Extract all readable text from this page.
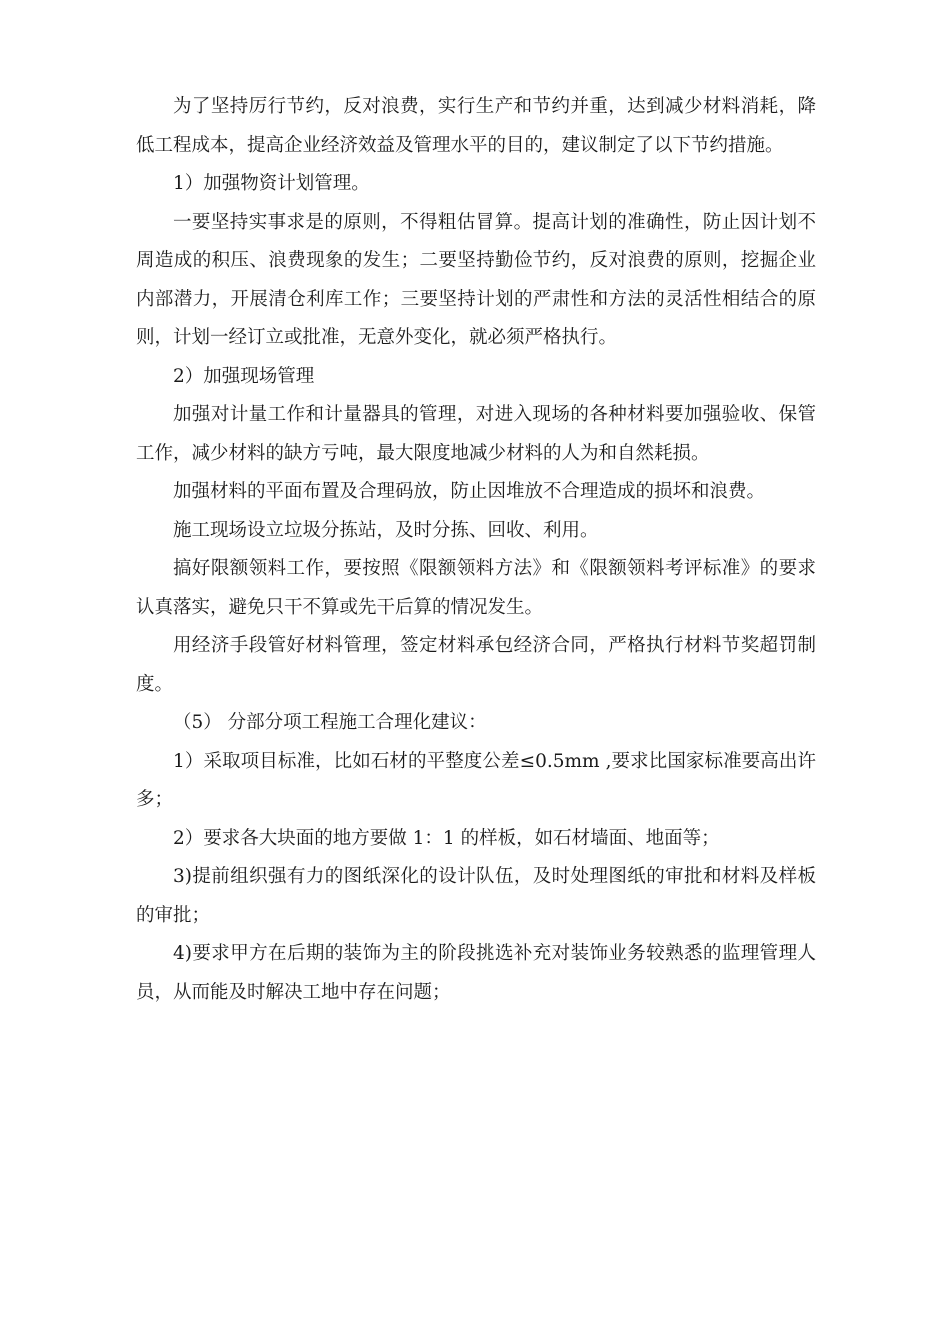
为了坚持厉行节约，反对浪费，实行生产和节约并重，达到减少材料消耗，降低工程成本，提高企业经济效益及管理水平的目的，建议制定了以下节约措施。

1）加强物资计划管理。

一要坚持实事求是的原则，不得粗估冒算。提高计划的准确性，防止因计划不周造成的积压、浪费现象的发生；二要坚持勤俭节约，反对浪费的原则，挖掘企业内部潜力，开展清仓利库工作；三要坚持计划的严肃性和方法的灵活性相结合的原则，计划一经订立或批准，无意外变化，就必须严格执行。

2）加强现场管理

加强对计量工作和计量器具的管理，对进入现场的各种材料要加强验收、保管工作，减少材料的缺方亏吨，最大限度地减少材料的人为和自然耗损。

加强材料的平面布置及合理码放，防止因堆放不合理造成的损坏和浪费。

施工现场设立垃圾分拣站，及时分拣、回收、利用。

搞好限额领料工作，要按照《限额领料方法》和《限额领料考评标准》的要求认真落实，避免只干不算或先干后算的情况发生。

用经济手段管好材料管理，签定材料承包经济合同，严格执行材料节奖超罚制度。

（5） 分部分项工程施工合理化建议：

1）采取项目标准，比如石材的平整度公差≤0.5mm ,要求比国家标准要高出许多；

2）要求各大块面的地方要做 1：1 的样板，如石材墙面、地面等；

3)提前组织强有力的图纸深化的设计队伍，及时处理图纸的审批和材料及样板的审批；

4)要求甲方在后期的装饰为主的阶段挑选补充对装饰业务较熟悉的监理管理人员，从而能及时解决工地中存在问题；
